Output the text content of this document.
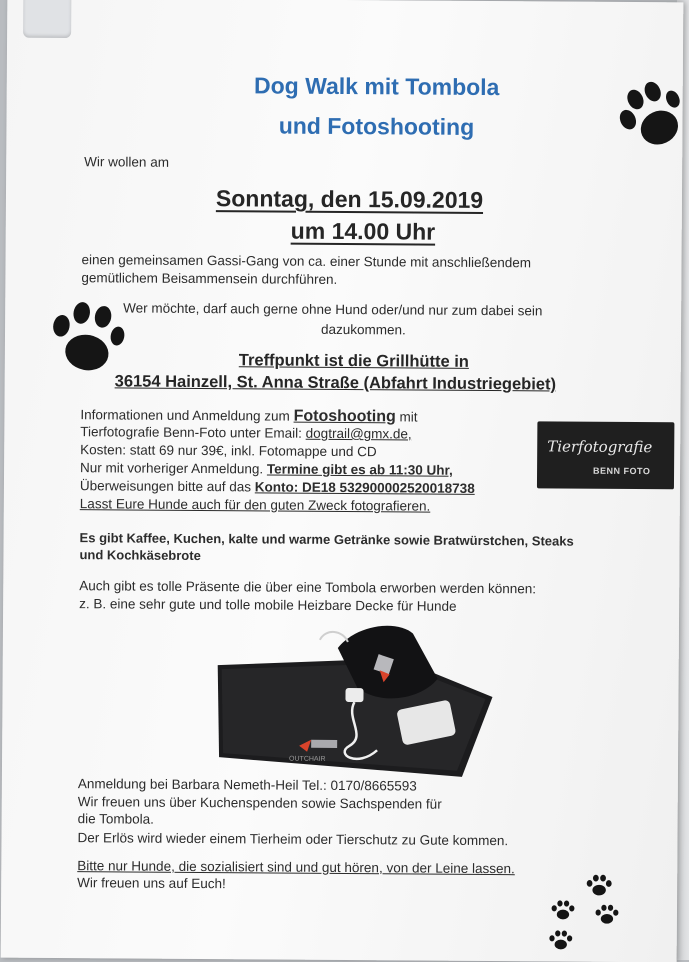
Dog Walk mit Tombola
und Fotoshooting
Wir wollen am
Sonntag, den 15.09.2019
um 14.00 Uhr
einen gemeinsamen Gassi-Gang von ca. einer Stunde mit anschließendem
gemütlichem Beisammensein durchführen.
Wer möchte, darf auch gerne ohne Hund oder/und nur zum dabei sein
dazukommen.
Treffpunkt ist die Grillhütte in
36154 Hainzell, St. Anna Straße (Abfahrt Industriegebiet)
Informationen und Anmeldung zum Fotoshooting mit
Tierfotografie Benn-Foto unter Email: dogtrail@gmx.de,
Kosten: statt 69 nur 39€, inkl. Fotomappe und CD
Nur mit vorheriger Anmeldung. Termine gibt es ab 11:30 Uhr,
Überweisungen bitte auf das Konto: DE18 532900002520018738
Lasst Eure Hunde auch für den guten Zweck fotografieren.
Tierfotografie
BENN FOTO
Es gibt Kaffee, Kuchen, kalte und warme Getränke sowie Bratwürstchen, Steaks
und Kochkäsebrote
Auch gibt es tolle Präsente die über eine Tombola erworben werden können:
z. B. eine sehr gute und tolle mobile Heizbare Decke für Hunde
OUTCHAIR
Anmeldung bei Barbara Nemeth-Heil Tel.: 0170/8665593
Wir freuen uns über Kuchenspenden sowie Sachspenden für
die Tombola.
Der Erlös wird wieder einem Tierheim oder Tierschutz zu Gute kommen.
Bitte nur Hunde, die sozialisiert sind und gut hören, von der Leine lassen.
Wir freuen uns auf Euch!
